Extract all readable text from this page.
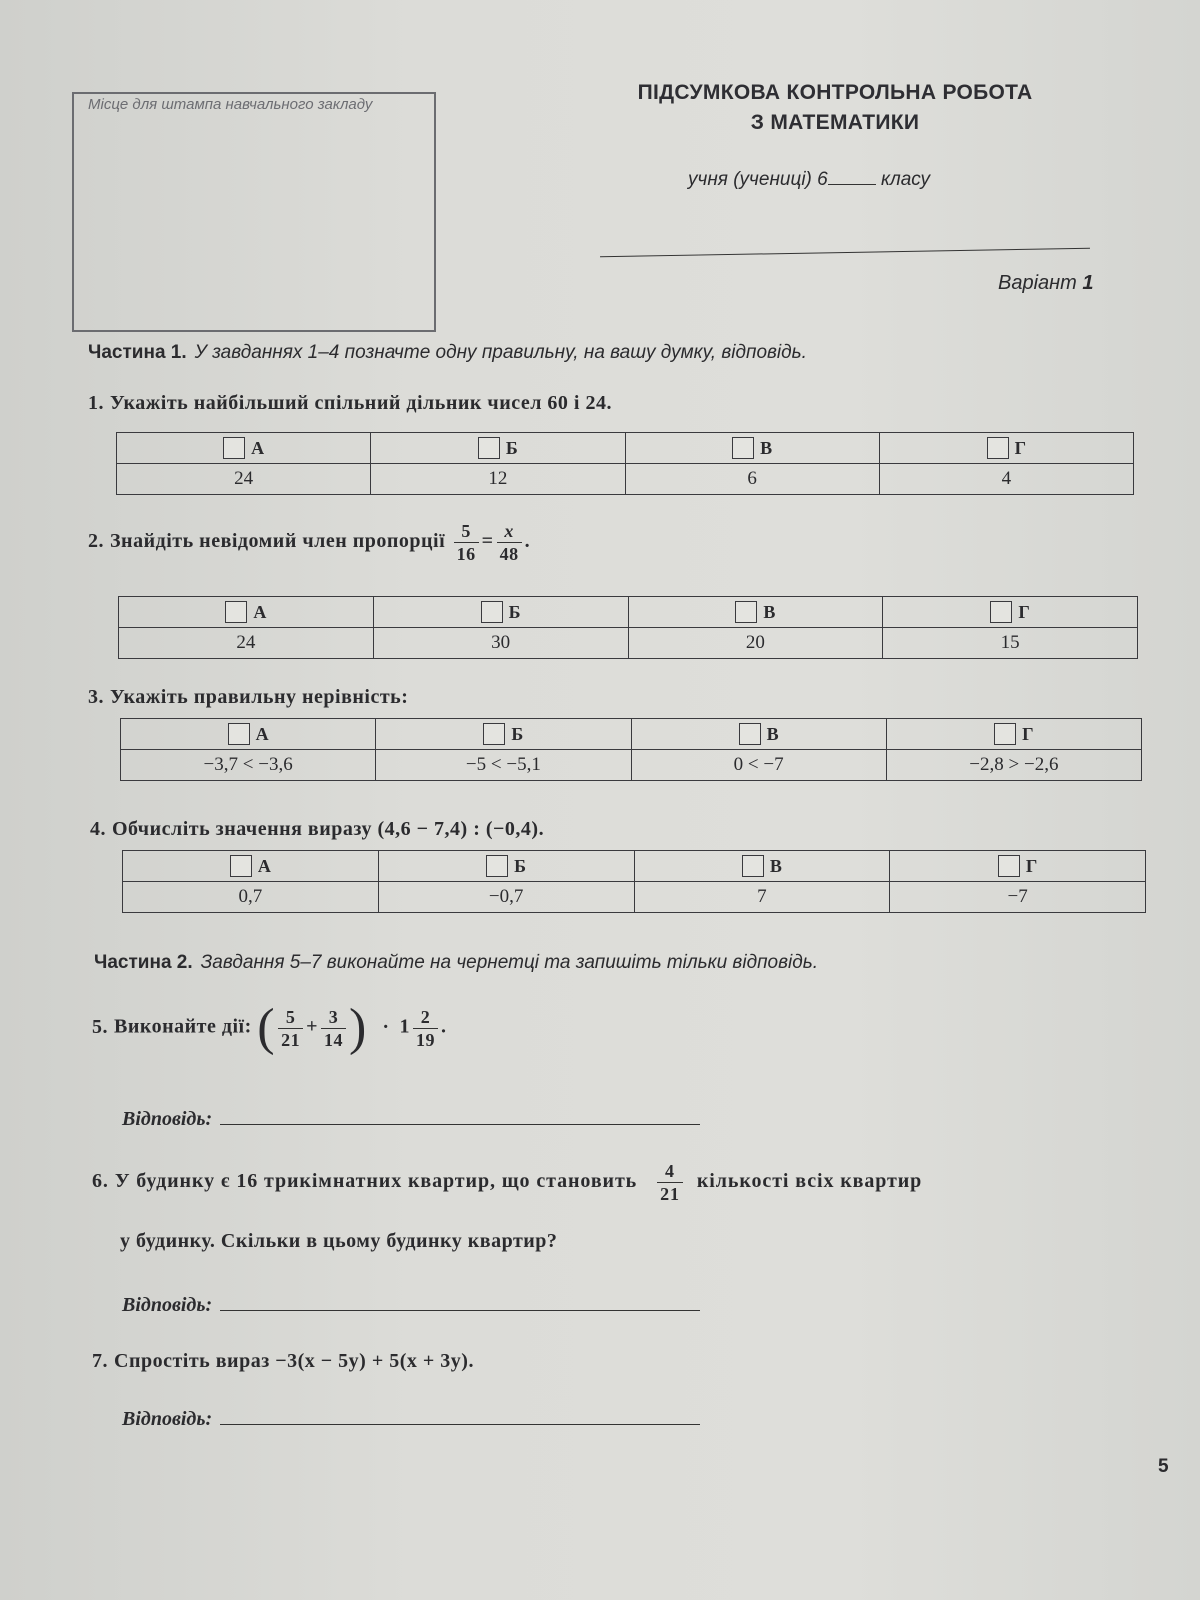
Місце для штампа навчального закладу
ПІДСУМКОВА КОНТРОЛЬНА РОБОТА
З МАТЕМАТИКИ
учня (учениці) 6	класу
Варіант 1
Частина 1. У завданнях 1–4 позначте одну правильну, на вашу думку, відповідь.
1. Укажіть найбільший спільний дільник чисел 60 і 24.
А	Б	В	Г
24	12	6	4
2. Знайдіть невідомий член пропорції $\frac{5}{16} = \frac{x}{48}$ .
А	Б	В	Г
24	30	20	15
3. Укажіть правильну нерівність:
А	Б	В	Г
−3,7 < −3,6	−5 < −5,1	0 < −7	−2,8 > −2,6
4. Обчисліть значення виразу (4,6 − 7,4) : (−0,4).
А	Б	В	Г
0,7	−0,7	7	−7
Частина 2. Завдання 5–7 виконайте на чернетці та запишіть тільки відповідь.
5. Виконайте дії: ( $\frac{5}{21} + \frac{3}{14}$ ) · $1 \frac{2}{19}$ .
Відповідь:
6. У будинку є 16 трикімнатних квартир, що становить $\frac{4}{21}$ кількості всіх квартир
у будинку. Скільки в цьому будинку квартир?
Відповідь:
7. Спростіть вираз −3(x − 5y) + 5(x + 3y).
Відповідь:
5
